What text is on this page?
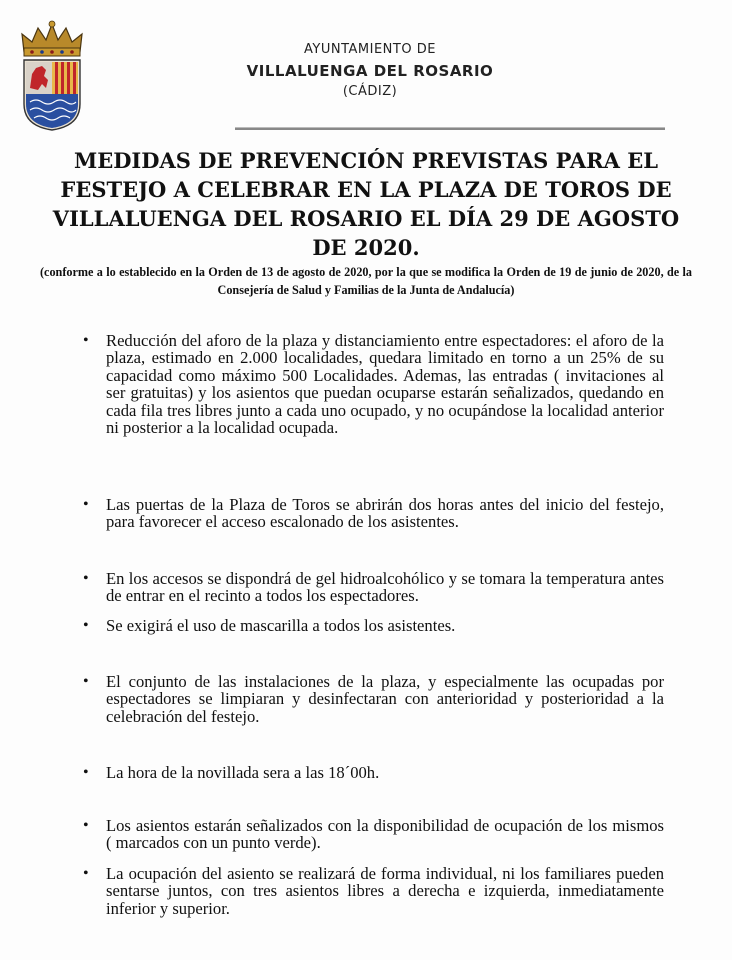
AYUNTAMIENTO DE
VILLALUENGA DEL ROSARIO
(CÁDIZ)
MEDIDAS DE PREVENCIÓN PREVISTAS PARA EL FESTEJO A CELEBRAR EN LA PLAZA DE TOROS DE VILLALUENGA DEL ROSARIO EL DÍA 29 DE AGOSTO DE 2020.
(conforme a lo establecido en la Orden de 13 de agosto de 2020, por la que se modifica la Orden de 19 de junio de 2020, de la Consejería de Salud y Familias de la Junta de Andalucía)
•	Reducción del aforo de la plaza y distanciamiento entre espectadores: el aforo de la plaza, estimado en 2.000 localidades, quedara limitado en torno a un 25% de su capacidad como máximo 500 Localidades. Ademas, las entradas ( invitaciones al ser gratuitas) y los asientos que puedan ocuparse estarán señalizados, quedando en cada fila tres libres junto a cada uno ocupado, y no ocupándose la localidad anterior ni posterior a la localidad ocupada.
•	Las puertas de la Plaza de Toros se abrirán dos horas antes del inicio del festejo, para favorecer el acceso escalonado de los asistentes.
•	En los accesos se dispondrá de gel hidroalcohólico y se tomara la temperatura antes de entrar en el recinto a todos los espectadores.
•	Se exigirá el uso de mascarilla a todos los asistentes.
•	El conjunto de las instalaciones de la plaza, y especialmente las ocupadas por espectadores se limpiaran y desinfectaran con anterioridad y posterioridad a la celebración del festejo.
•	La hora de la novillada sera a las 18´00h.
•	Los asientos estarán señalizados con la disponibilidad de ocupación de los mismos ( marcados con un punto verde).
•	La ocupación del asiento se realizará de forma individual, ni los familiares pueden sentarse juntos, con tres asientos libres a derecha e izquierda, inmediatamente inferior y superior.
